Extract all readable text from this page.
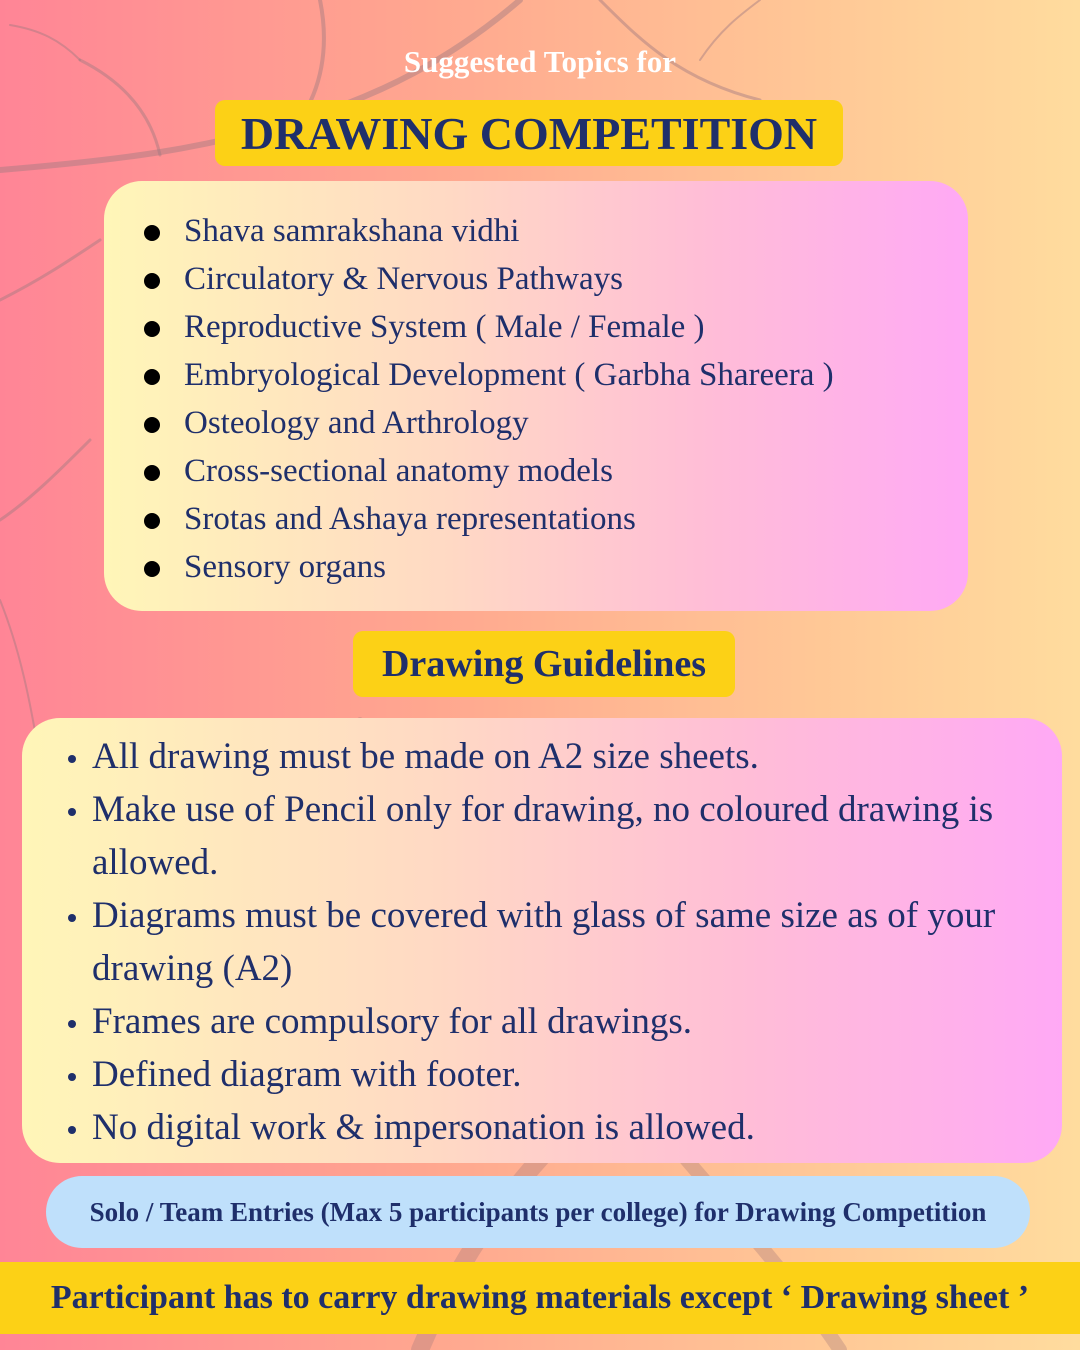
Suggested Topics for
DRAWING COMPETITION
Shava samrakshana vidhi
Circulatory & Nervous Pathways
Reproductive System ( Male / Female )
Embryological Development ( Garbha Shareera )
Osteology and Arthrology
Cross-sectional anatomy models
Srotas and Ashaya representations
Sensory organs
Drawing Guidelines
All drawing must be made on A2 size sheets.
Make use of Pencil only for drawing, no coloured drawing is allowed.
Diagrams must be covered with glass of same size as of your drawing (A2)
Frames are compulsory for all drawings.
Defined diagram with footer.
No digital work & impersonation is allowed.
Solo / Team Entries (Max 5 participants per college) for Drawing Competition
Participant has to carry drawing materials except ‘ Drawing sheet ’
